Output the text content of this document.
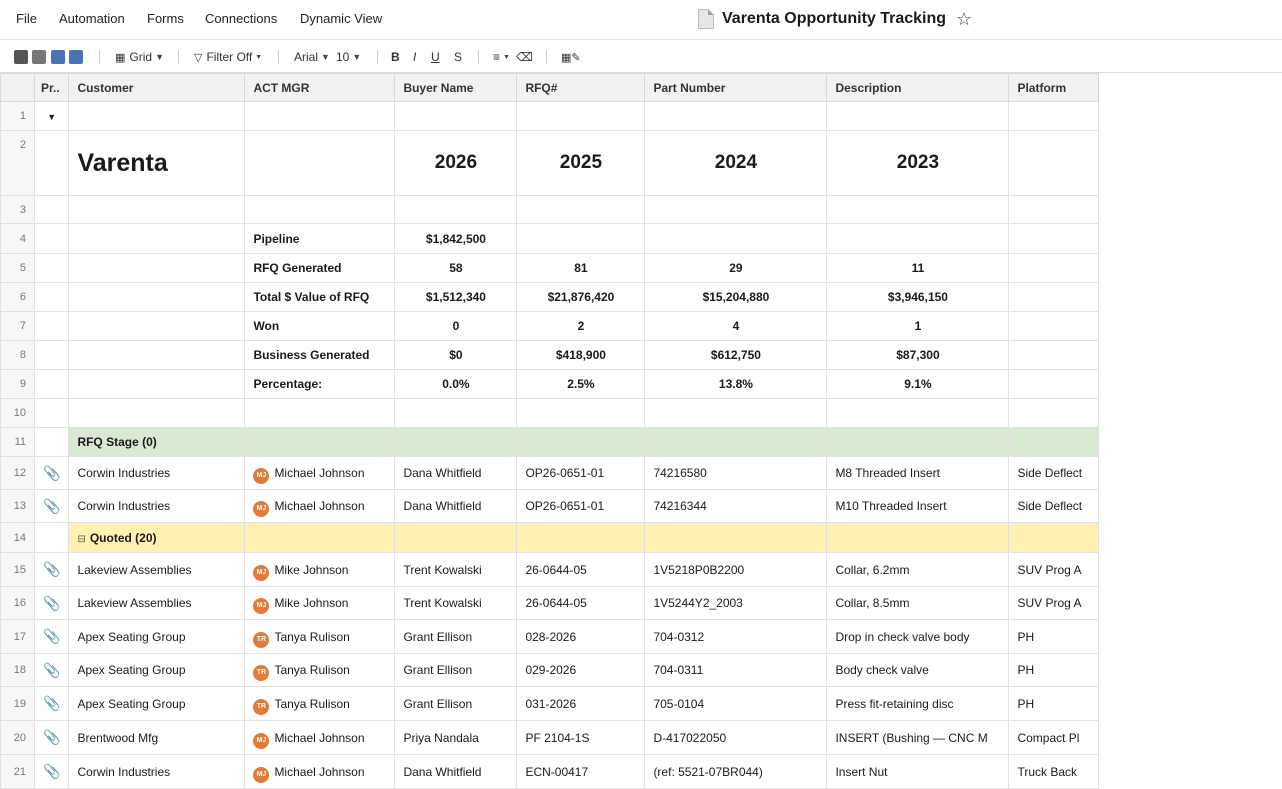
File Automation Forms Connections Dynamic View	Varenta Opportunity Tracking ☆
▦ Grid ▼	▽ Filter Off ▼	Arial ▼ 10 ▼ B I U S	≡ ▼ ⌫	▦ ✎
	Pr..	Customer	ACT MGR	Buyer Name	RFQ#	Part Number	Description	Platform
1	▼							
2		Varenta		2026	2025	2024	2023	
3								
4			Pipeline	$1,842,500				
5			RFQ Generated	58	81	29	11	
6			Total $ Value of RFQ	$1,512,340	$21,876,420	$15,204,880	$3,946,150	
7			Won	0	2	4	1	
8			Business Generated	$0	$418,900	$612,750	$87,300	
9			Percentage:	0.0%	2.5%	13.8%	9.1%	
10								
11		RFQ Stage (0)						
12	📎	Corwin Industries	MJ Michael Johnson	Dana Whitfield	OP26-0651-01	74216580	M8 Threaded Insert	Side Deflect
13	📎	Corwin Industries	MJ Michael Johnson	Dana Whitfield	OP26-0651-01	74216344	M10 Threaded Insert	Side Deflect
14		⊟ Quoted (20)						
15	📎	Lakeview Assemblies	MJ Mike Johnson	Trent Kowalski	26-0644-05	1V5218P0B2200	Collar, 6.2mm	SUV Prog A
16	📎	Lakeview Assemblies	MJ Mike Johnson	Trent Kowalski	26-0644-05	1V5244Y2_2003	Collar, 8.5mm	SUV Prog A
17	📎	Apex Seating Group	TR Tanya Rulison	Grant Ellison	028-2026	704-0312	Drop in check valve body	PH
18	📎	Apex Seating Group	TR Tanya Rulison	Grant Ellison	029-2026	704-0311	Body check valve	PH
19	📎	Apex Seating Group	TR Tanya Rulison	Grant Ellison	031-2026	705-0104	Press fit-retaining disc	PH
20	📎	Brentwood Mfg	MJ Michael Johnson	Priya Nandala	PF 2104-1S	D-417022050	INSERT (Bushing — CNC M	Compact Pl
21	📎	Corwin Industries	MJ Michael Johnson	Dana Whitfield	ECN-00417	(ref: 5521-07BR044)	Insert Nut	Truck Back
